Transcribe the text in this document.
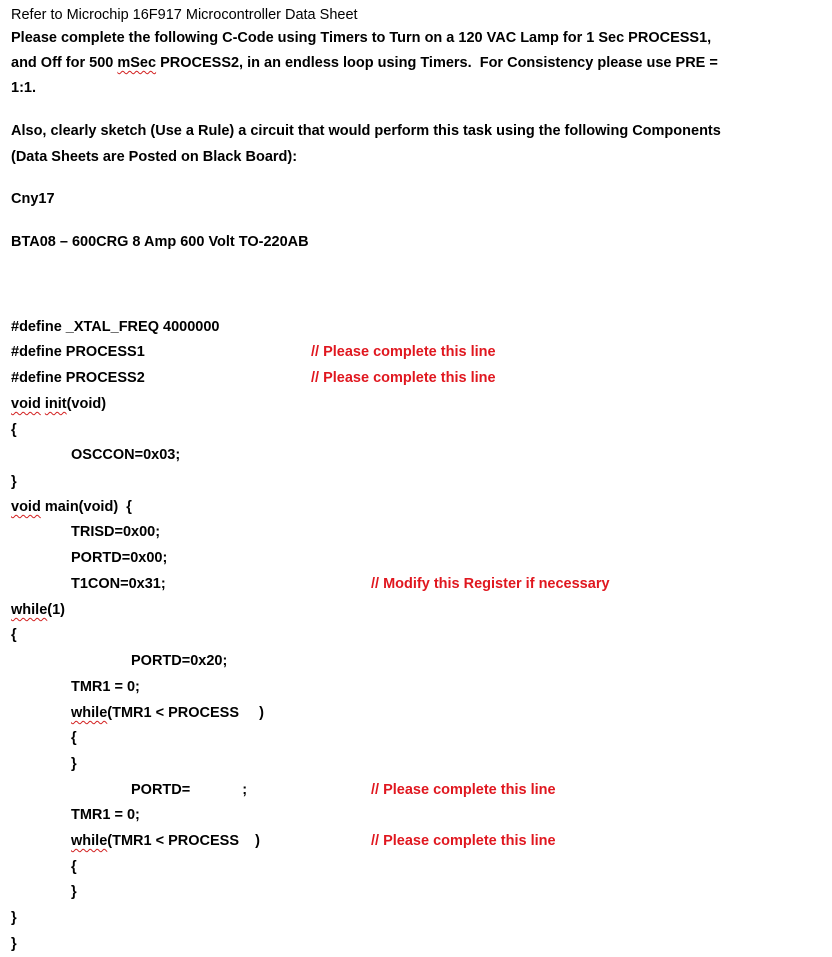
Refer to Microchip 16F917 Microcontroller Data Sheet
Please complete the following C-Code using Timers to Turn on a 120 VAC Lamp for 1 Sec PROCESS1,
and Off for 500 mSec PROCESS2, in an endless loop using Timers.  For Consistency please use PRE =
1:1.
Also, clearly sketch (Use a Rule) a circuit that would perform this task using the following Components
(Data Sheets are Posted on Black Board):
Cny17
BTA08 – 600CRG 8 Amp 600 Volt TO-220AB
#define _XTAL_FREQ 4000000
#define PROCESS1	// Please complete this line
#define PROCESS2	// Please complete this line
void init(void)
{
OSCCON=0x03;
}
void main(void)  {
TRISD=0x00;
PORTD=0x00;
T1CON=0x31;	// Modify this Register if necessary
while(1)
{
PORTD=0x20;
TMR1 = 0;
while(TMR1 < PROCESS     )
{
}
PORTD=	;	// Please complete this line
TMR1 = 0;
while(TMR1 < PROCESS    )	// Please complete this line
{
}
}
}
